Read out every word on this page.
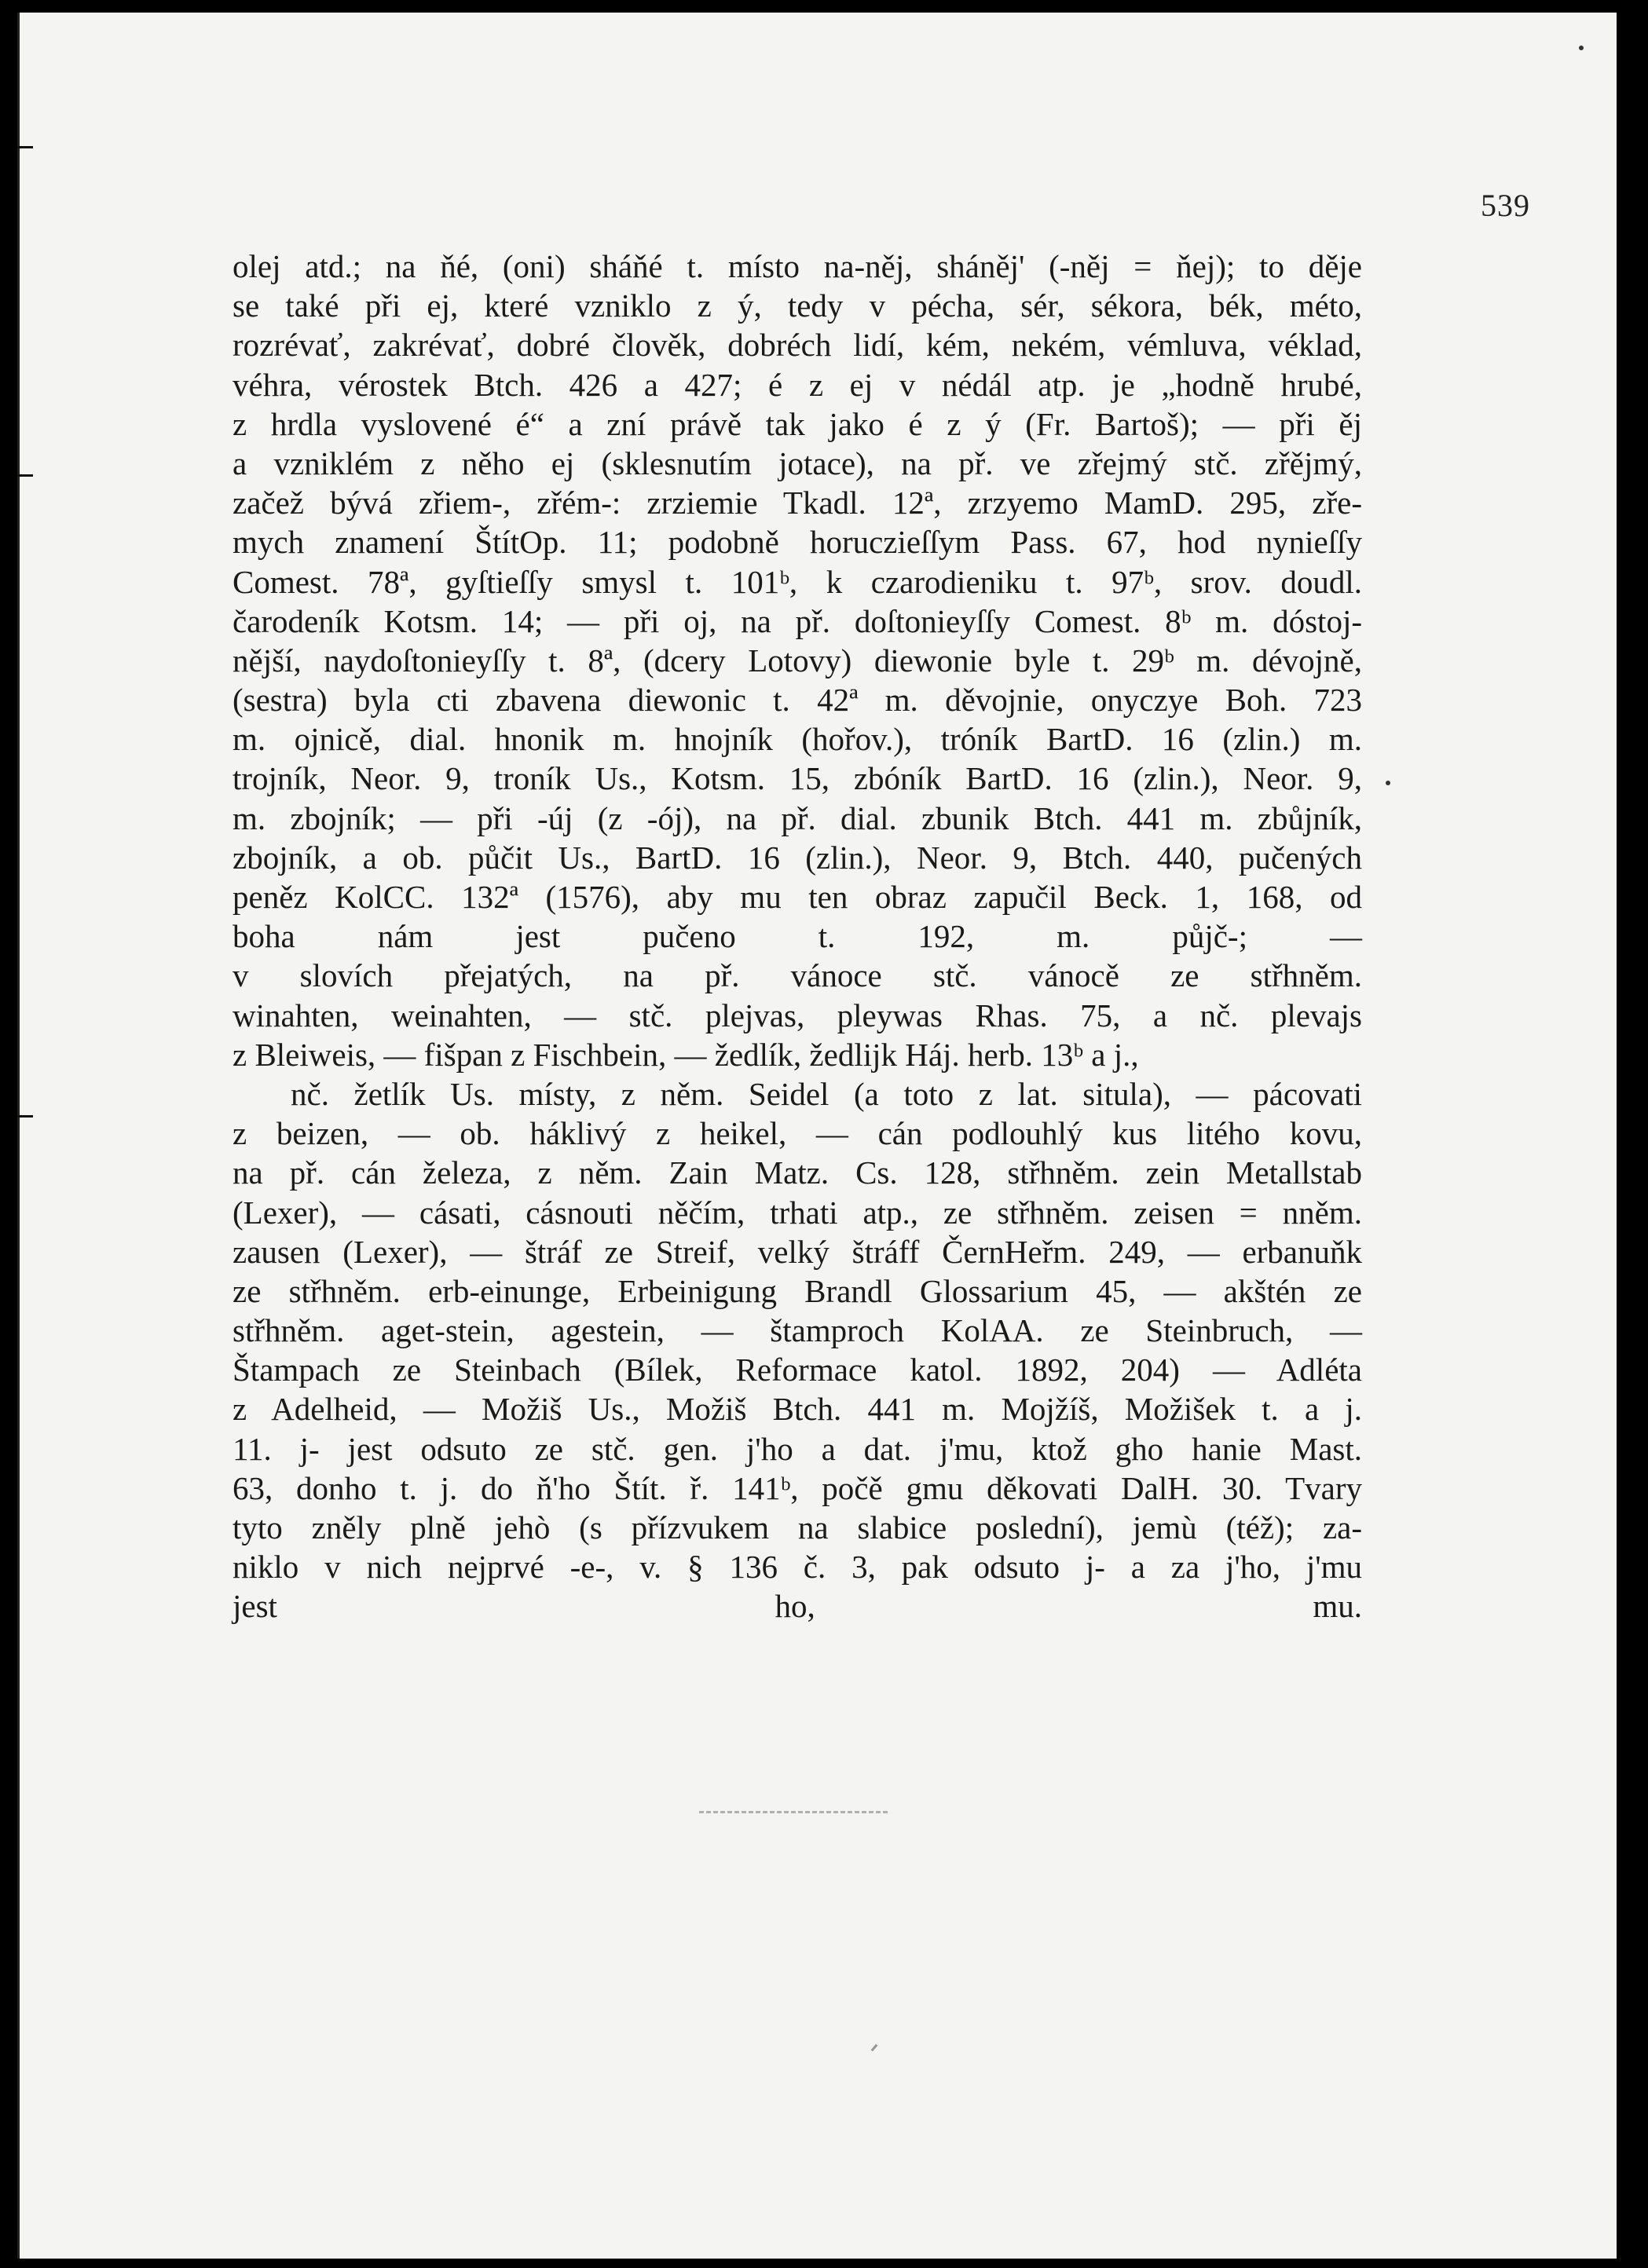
539
olej atd.; na ňé, (oni) sháňé t. místo na-něj, sháněj' (-něj = ňej); to děje
se také při ej, které vzniklo z ý, tedy v pécha, sér, sékora, bék, méto,
rozrévať, zakrévať, dobré člověk, dobréch lidí, kém, nekém, vémluva, véklad,
véhra, vérostek Btch. 426 a 427; é z ej v nédál atp. je „hodně hrubé,
z hrdla vyslovené é“ a zní právě tak jako é z ý (Fr. Bartoš); — při ěj
a vzniklém z něho ej (sklesnutím jotace), na př. ve zřejmý stč. zřějmý,
začež bývá zřiem-, zřém-: zrziemie Tkadl. 12ª, zrzyemo MamD. 295, zře-
mych znamení ŠtítOp. 11; podobně horuczieſſym Pass. 67, hod nynieſſy
Comest. 78ª, gyſtieſſy smysl t. 101ᵇ, k czarodieniku t. 97ᵇ, srov. doudl.
čarodeník Kotsm. 14; — při oj, na př. doſtonieyſſy Comest. 8ᵇ m. dóstoj-
nější, naydoſtonieyſſy t. 8ª, (dcery Lotovy) diewonie byle t. 29ᵇ m. dévojně,
(sestra) byla cti zbavena diewonic t. 42ª m. děvojnie, onyczye Boh. 723
m. ojnicě, dial. hnonik m. hnojník (hořov.), tróník BartD. 16 (zlin.) m.
trojník, Neor. 9, troník Us., Kotsm. 15, zbóník BartD. 16 (zlin.), Neor. 9,
m. zbojník; — při -új (z -ój), na př. dial. zbunik Btch. 441 m. zbůjník,
zbojník, a ob. půčit Us., BartD. 16 (zlin.), Neor. 9, Btch. 440, pučených
peněz KolCC. 132ª (1576), aby mu ten obraz zapučil Beck. 1, 168, od
boha nám jest pučeno t. 192, m. půjč-; —
v slovích přejatých, na př. vánoce stč. vánocě ze střhněm.
winahten, weinahten, — stč. plejvas, pleywas Rhas. 75, a nč. plevajs
z Bleiweis, — fišpan z Fischbein, — žedlík, žedlijk Háj. herb. 13ᵇ a j.,
nč. žetlík Us. místy, z něm. Seidel (a toto z lat. situla), — pácovati
z beizen, — ob. háklivý z heikel, — cán podlouhlý kus litého kovu,
na př. cán železa, z něm. Zain Matz. Cs. 128, střhněm. zein Metallstab
(Lexer), — cásati, cásnouti něčím, trhati atp., ze střhněm. zeisen = nněm.
zausen (Lexer), — štráf ze Streif, velký štráff ČernHeřm. 249, — erbanuňk
ze střhněm. erb-einunge, Erbeinigung Brandl Glossarium 45, — akštén ze
střhněm. aget-stein, agestein, — štamproch KolAA. ze Steinbruch, —
Štampach ze Steinbach (Bílek, Reformace katol. 1892, 204) — Adléta
z Adelheid, — Možiš Us., Možiš Btch. 441 m. Mojžíš, Možišek t. a j.
11. j- jest odsuto ze stč. gen. j'ho a dat. j'mu, ktož gho hanie Mast.
63, donho t. j. do ň'ho Štít. ř. 141ᵇ, počě gmu děkovati DalH. 30. Tvary
tyto zněly plně jehò (s přízvukem na slabice poslední), jemù (též); za-
niklo v nich nejprvé -e-, v. § 136 č. 3, pak odsuto j- a za j'ho, j'mu
jest ho, mu.
